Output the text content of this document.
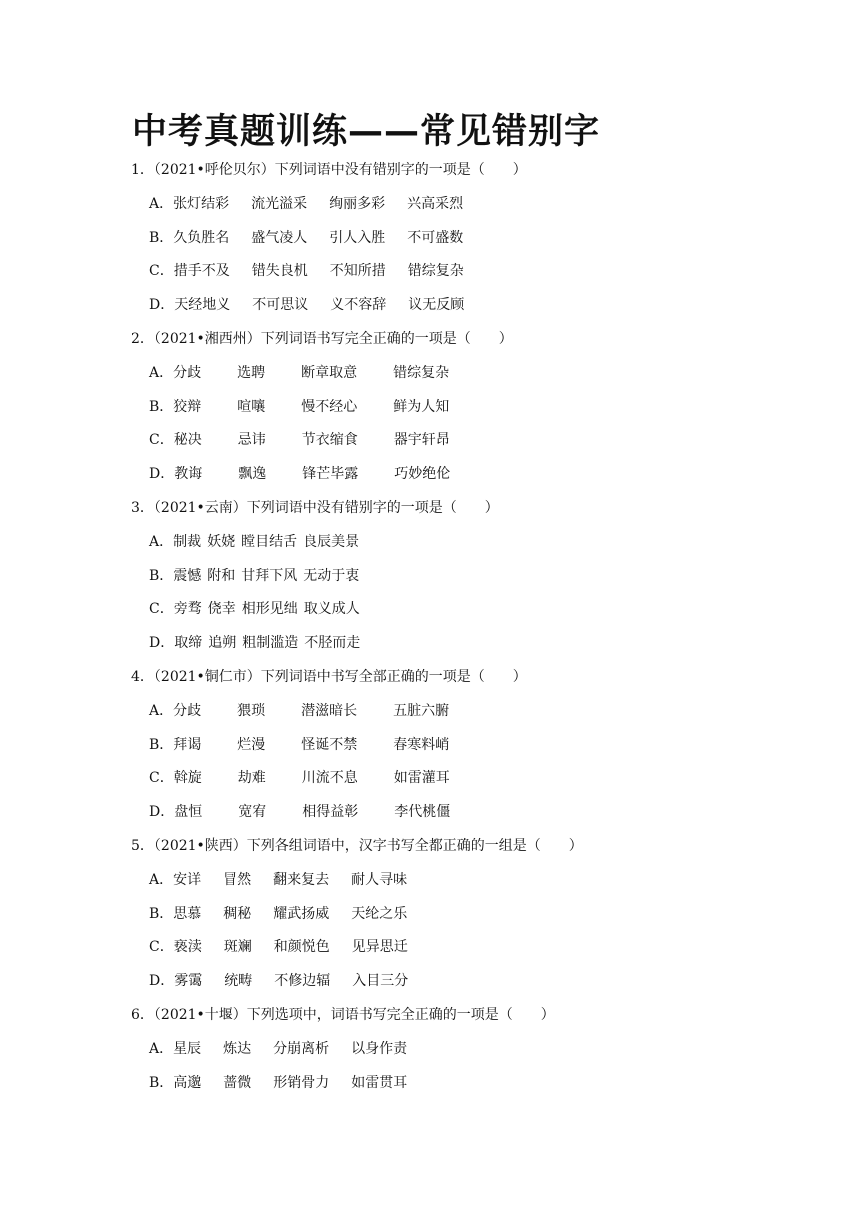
中考真题训练——常见错别字
1．（2021•呼伦贝尔）下列词语中没有错别字的一项是（　　）
A．张灯结彩 流光溢采 绚丽多彩 兴高采烈
B．久负胜名 盛气凌人 引人入胜 不可盛数
C．措手不及 错失良机 不知所措 错综复杂
D．天经地义 不可思议 义不容辞 议无反顾
2．（2021•湘西州）下列词语书写完全正确的一项是（　　）
A．分歧	选聘	断章取意	错综复杂
B．狡辩	喧嚷	慢不经心	鲜为人知
C．秘决	忌讳	节衣缩食	器宇轩昂
D．教诲	飘逸	锋芒毕露	巧妙绝伦
3．（2021•云南）下列词语中没有错别字的一项是（　　）
A．制裁 妖娆 瞠目结舌 良辰美景
B．震憾 附和 甘拜下风 无动于衷
C．旁骛 侥幸 相形见绌 取义成人
D．取缔 追朔 粗制滥造 不胫而走
4．（2021•铜仁市）下列词语中书写全部正确的一项是（　　）
A．分歧	猥琐	潜滋暗长	五脏六腑
B．拜谒	烂漫	怪诞不禁	春寒料峭
C．斡旋	劫难	川流不息	如雷灌耳
D．盘恒	宽宥	相得益彰	李代桃僵
5．（2021•陕西）下列各组词语中，汉字书写全都正确的一组是（　　）
A．安详 冒然 翻来复去 耐人寻味
B．思慕 稠秘 耀武扬威 天纶之乐
C．亵渎 斑斓 和颜悦色 见异思迁
D．雾霭 统畴 不修边辐 入目三分
6．（2021•十堰）下列选项中，词语书写完全正确的一项是（　　）
A．星辰 炼达 分崩离析 以身作责
B．高邈 蔷微 形销骨力 如雷贯耳
